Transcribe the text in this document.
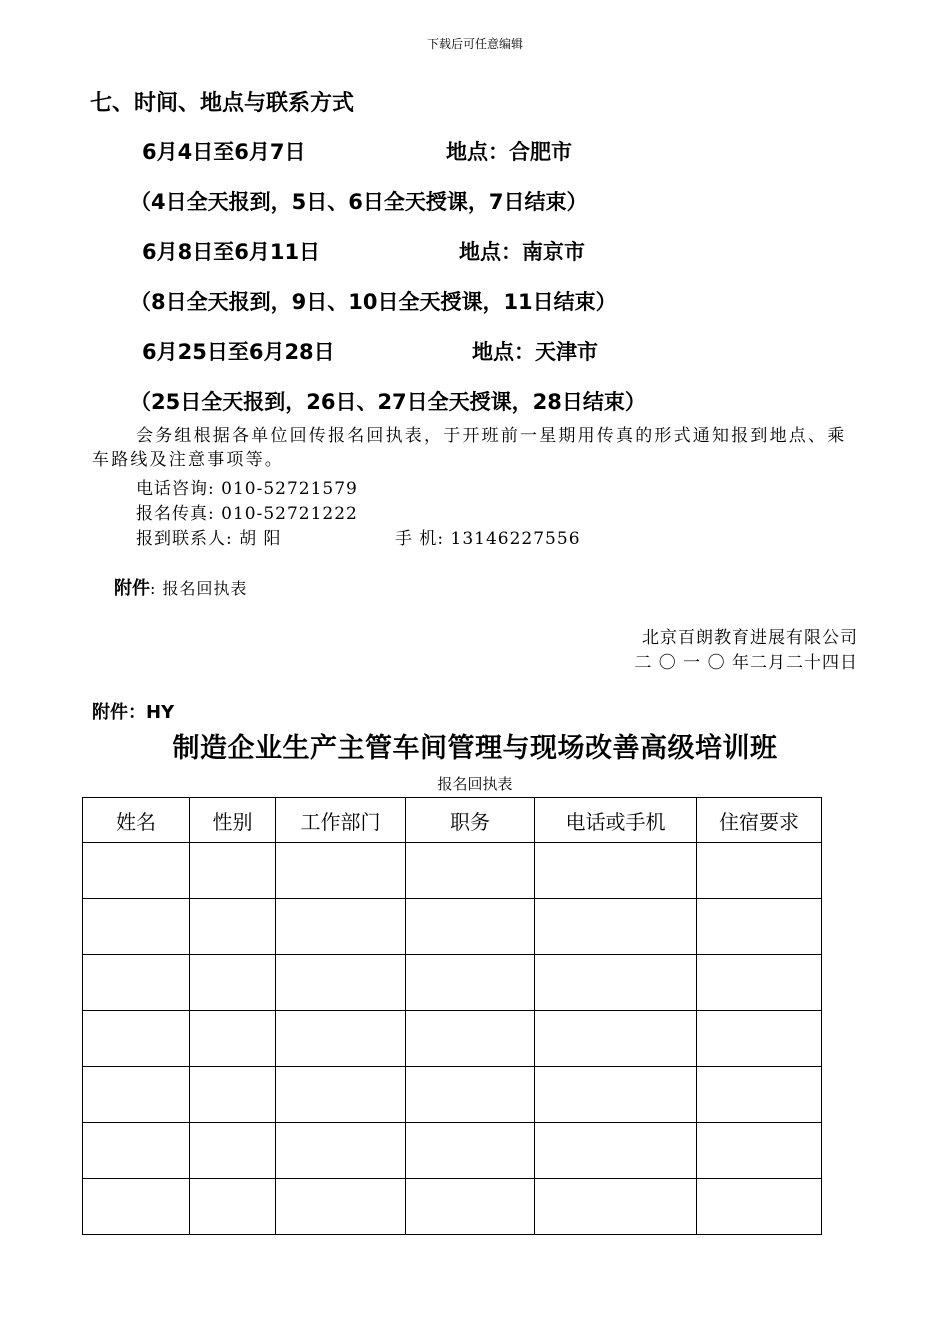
下载后可任意编辑
七、时间、地点与联系方式
6月4日至6月7日	地点：合肥市
（4日全天报到，5日、6日全天授课，7日结束）
6月8日至6月11日	地点：南京市
（8日全天报到，9日、10日全天授课，11日结束）
6月25日至6月28日	地点：天津市
（25日全天报到，26日、27日全天授课，28日结束）
会务组根据各单位回传报名回执表，于开班前一星期用传真的形式通知报到地点、乘车路线及注意事项等。
电话咨询: 010-52721579
报名传真: 010-52721222
报到联系人: 胡 阳	手 机: 13146227556
附件: 报名回执表
北京百朗教育进展有限公司
二 〇 一 〇 年二月二十四日
附件：HY
制造企业生产主管车间管理与现场改善高级培训班
报名回执表
姓名	性别	工作部门	职务	电话或手机	住宿要求
